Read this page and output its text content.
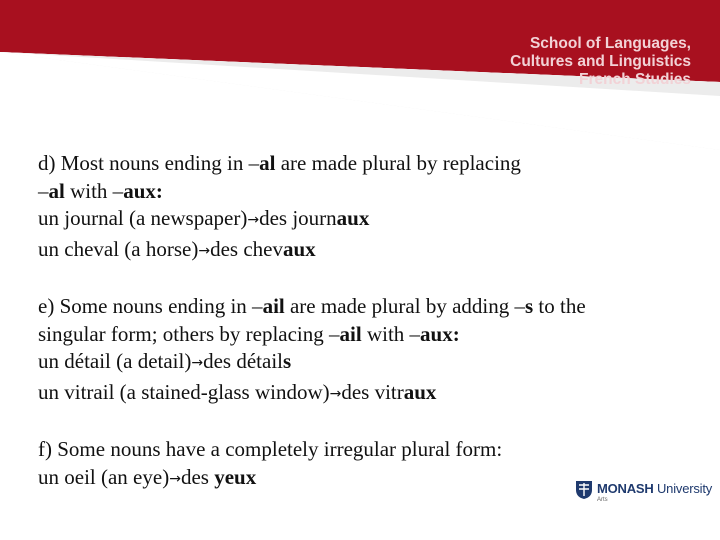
School of Languages,
Cultures and Linguistics
French Studies
d) Most nouns ending in –al are made plural by replacing
–al with –aux:
un journal (a newspaper)→des journaux
un cheval (a horse)→des chevaux
e) Some nouns ending in –ail are made plural by adding –s to the
singular form; others by replacing –ail with –aux:
un détail (a detail)→des détails
un vitrail (a stained-glass window)→des vitraux
f) Some nouns have a completely irregular plural form:
un oeil (an eye)→des yeux	MONASH University
Arts
